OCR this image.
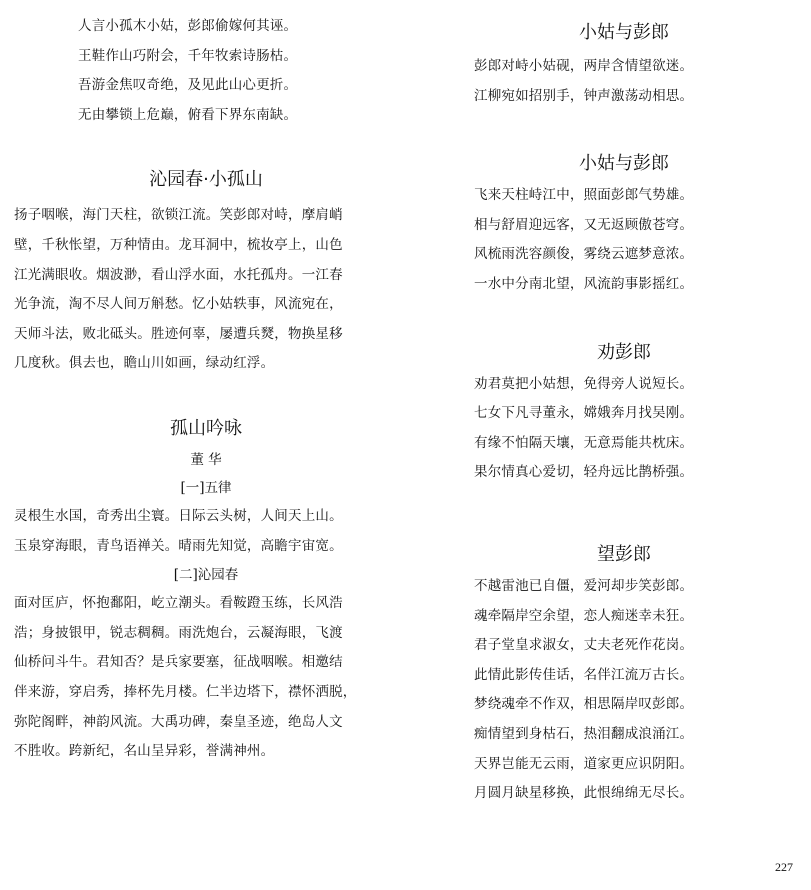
人言小孤木小姑，彭郎偷嫁何其诬。
王鞋作山巧附会，千年牧索诗肠枯。
吾游金焦叹奇绝，及见此山心更折。
无由攀锁上危巅，俯看下界东南缺。
沁园春·小孤山
扬子咽喉，海门天柱，欲锁江流。笑彭郎对峙，摩肩峭
壁，千秋怅望，万种情由。龙耳洞中，梳妆亭上，山色
江光满眼收。烟波渺，看山浮水面，水托孤舟。一江春
光争流，淘不尽人间万斛愁。忆小姑轶事，风流宛在，
天师斗法，败北砥头。胜迹何辜，屡遭兵燹，物换星移
几度秋。俱去也，瞻山川如画，绿动红浮。
孤山吟咏
董 华
[一]五律
灵根生水国，奇秀出尘寰。日际云头树，人间天上山。
玉泉穿海眼，青鸟语禅关。晴雨先知觉，高瞻宇宙宽。
[二]沁园春
面对匡庐，怀抱鄱阳，屹立潮头。看鞍蹬玉练，长风浩
浩；身披银甲，锐志稠稠。雨洗炮台，云凝海眼，飞渡
仙桥问斗牛。君知否？是兵家要塞，征战咽喉。相邀结
伴来游，穿启秀，捧杯先月楼。仁半边塔下，襟怀洒脱，
弥陀阁畔，神韵风流。大禹功碑，秦皇圣迹，绝岛人文
不胜收。跨新纪，名山呈异彩，誉满神州。
小姑与彭郎
彭郎对峙小姑砚，两岸含情望欲迷。
江柳宛如招别手，钟声激荡动相思。
小姑与彭郎
飞来天柱峙江中，照面彭郎气势雄。
相与舒眉迎远客，又无返顾傲苍穹。
风梳雨洗容颜俊，雾绕云遮梦意浓。
一水中分南北望，风流韵事影摇红。
劝彭郎
劝君莫把小姑想，免得旁人说短长。
七女下凡寻董永，嫦娥奔月找吴刚。
有缘不怕隔天壤，无意焉能共枕床。
果尔情真心爱切，轻舟远比鹊桥强。
望彭郎
不越雷池已自僵，爱河却步笑彭郎。
魂牵隔岸空余望，恋人痴迷幸未狂。
君子堂皇求淑女，丈夫老死作花岗。
此情此影传佳话，名伴江流万古长。
梦绕魂牵不作双，相思隔岸叹彭郎。
痴情望到身枯石，热泪翻成浪涌江。
天界岂能无云雨，道家更应识阴阳。
月圆月缺星移换，此恨绵绵无尽长。
227
